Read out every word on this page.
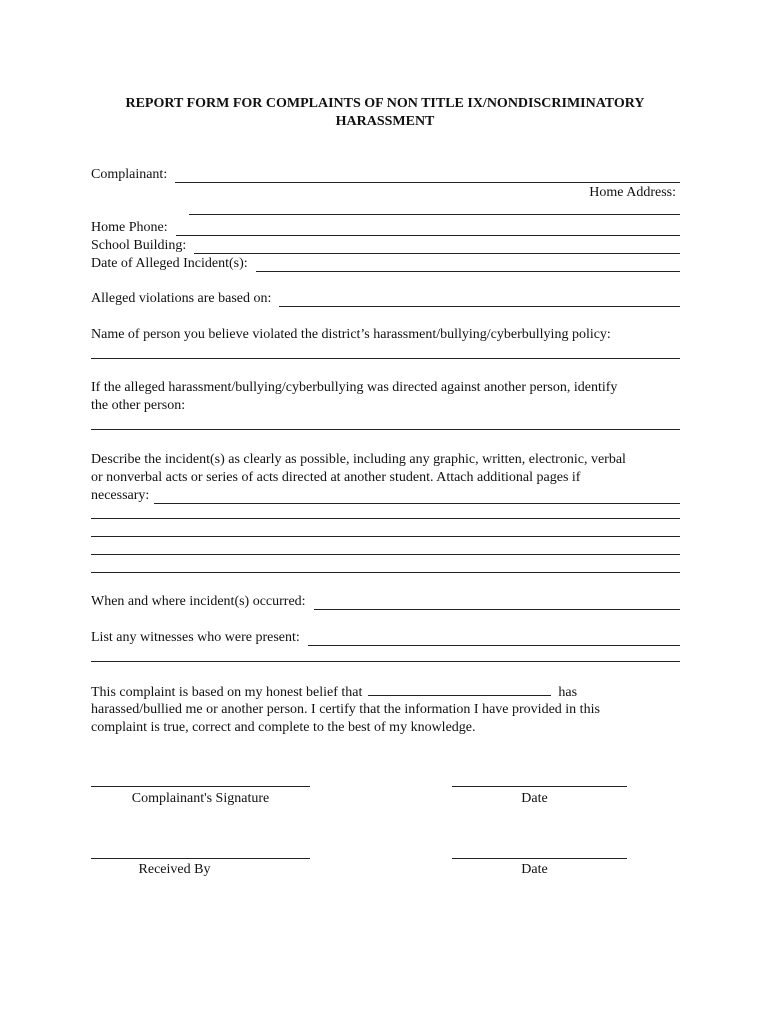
REPORT FORM FOR COMPLAINTS OF NON TITLE IX/NONDISCRIMINATORY
HARASSMENT
Complainant:
Home Address:
Home Phone:
School Building:
Date of Alleged Incident(s):
Alleged violations are based on:
Name of person you believe violated the district’s harassment/bullying/cyberbullying policy:
If the alleged harassment/bullying/cyberbullying was directed against another person, identify
the other person:
Describe the incident(s) as clearly as possible, including any graphic, written, electronic, verbal
or nonverbal acts or series of acts directed at another student. Attach additional pages if
necessary:
When and where incident(s) occurred:
List any witnesses who were present:
This complaint is based on my honest belief that	has
harassed/bullied me or another person. I certify that the information I have provided in this
complaint is true, correct and complete to the best of my knowledge.
Complainant's Signature	Date
Received By	Date
